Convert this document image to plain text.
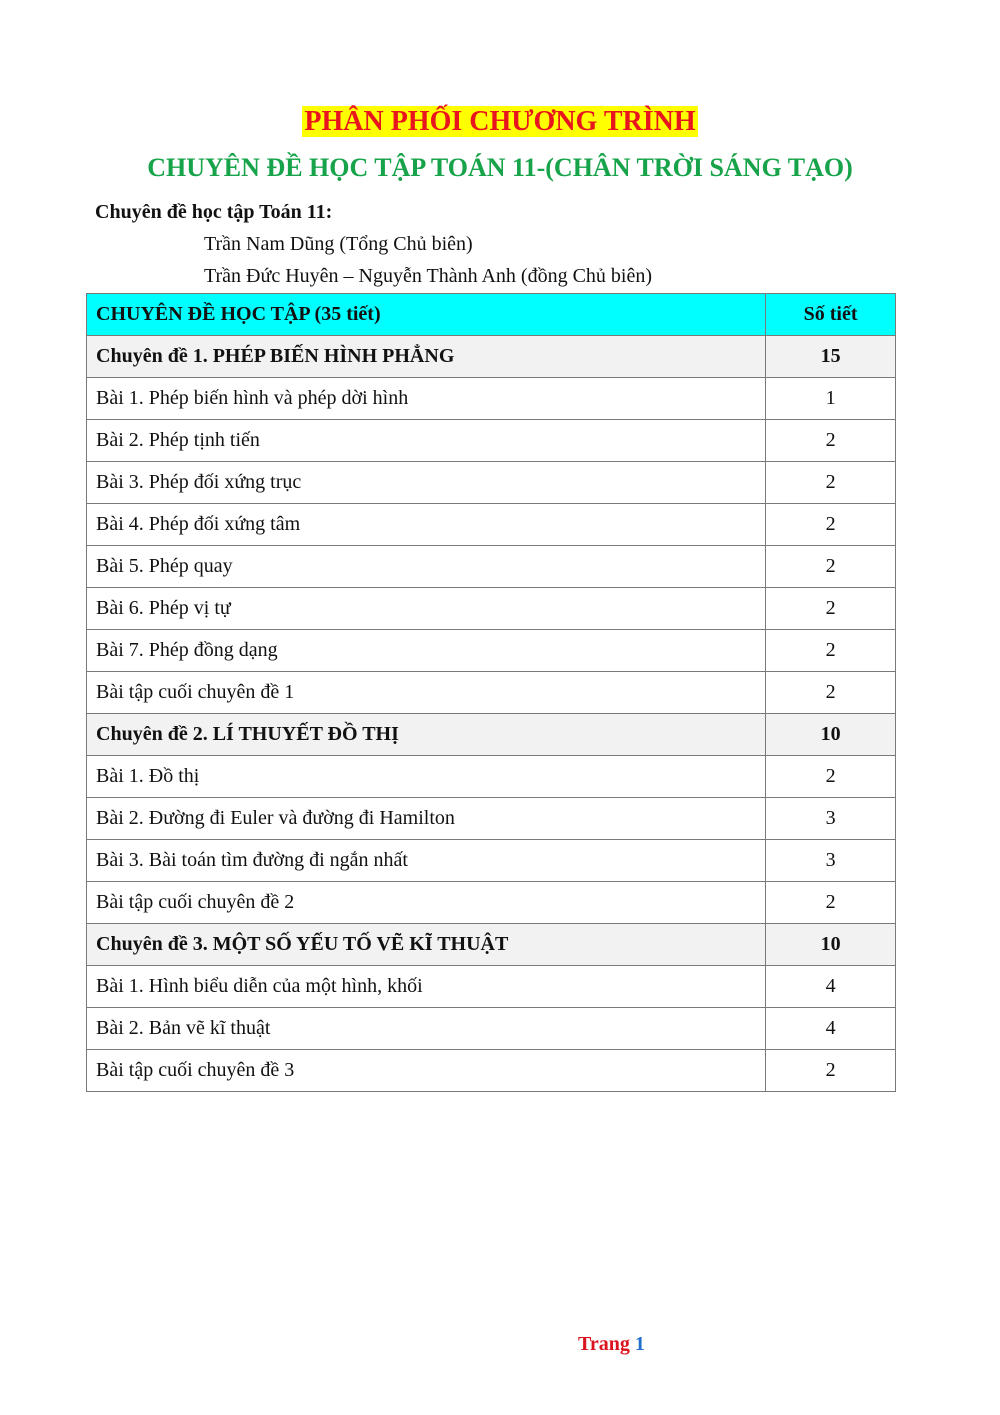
PHÂN PHỐI CHƯƠNG TRÌNH
CHUYÊN ĐỀ HỌC TẬP TOÁN 11-(CHÂN TRỜI SÁNG TẠO)
Chuyên đề học tập Toán 11:
Trần Nam Dũng (Tổng Chủ biên)
Trần Đức Huyên – Nguyễn Thành Anh (đồng Chủ biên)
CHUYÊN ĐỀ HỌC TẬP (35 tiết)	Số tiết
Chuyên đề 1. PHÉP BIẾN HÌNH PHẲNG	15
Bài 1. Phép biến hình và phép dời hình	1
Bài 2. Phép tịnh tiến	2
Bài 3. Phép đối xứng trục	2
Bài 4. Phép đối xứng tâm	2
Bài 5. Phép quay	2
Bài 6. Phép vị tự	2
Bài 7. Phép đồng dạng	2
Bài tập cuối chuyên đề 1	2
Chuyên đề 2. LÍ THUYẾT ĐỒ THỊ	10
Bài 1. Đồ thị	2
Bài 2. Đường đi Euler và đường đi Hamilton	3
Bài 3. Bài toán tìm đường đi ngắn nhất	3
Bài tập cuối chuyên đề 2	2
Chuyên đề 3. MỘT SỐ YẾU TỐ VẼ KĨ THUẬT	10
Bài 1. Hình biểu diễn của một hình, khối	4
Bài 2. Bản vẽ kĩ thuật	4
Bài tập cuối chuyên đề 3	2
Trang 1
